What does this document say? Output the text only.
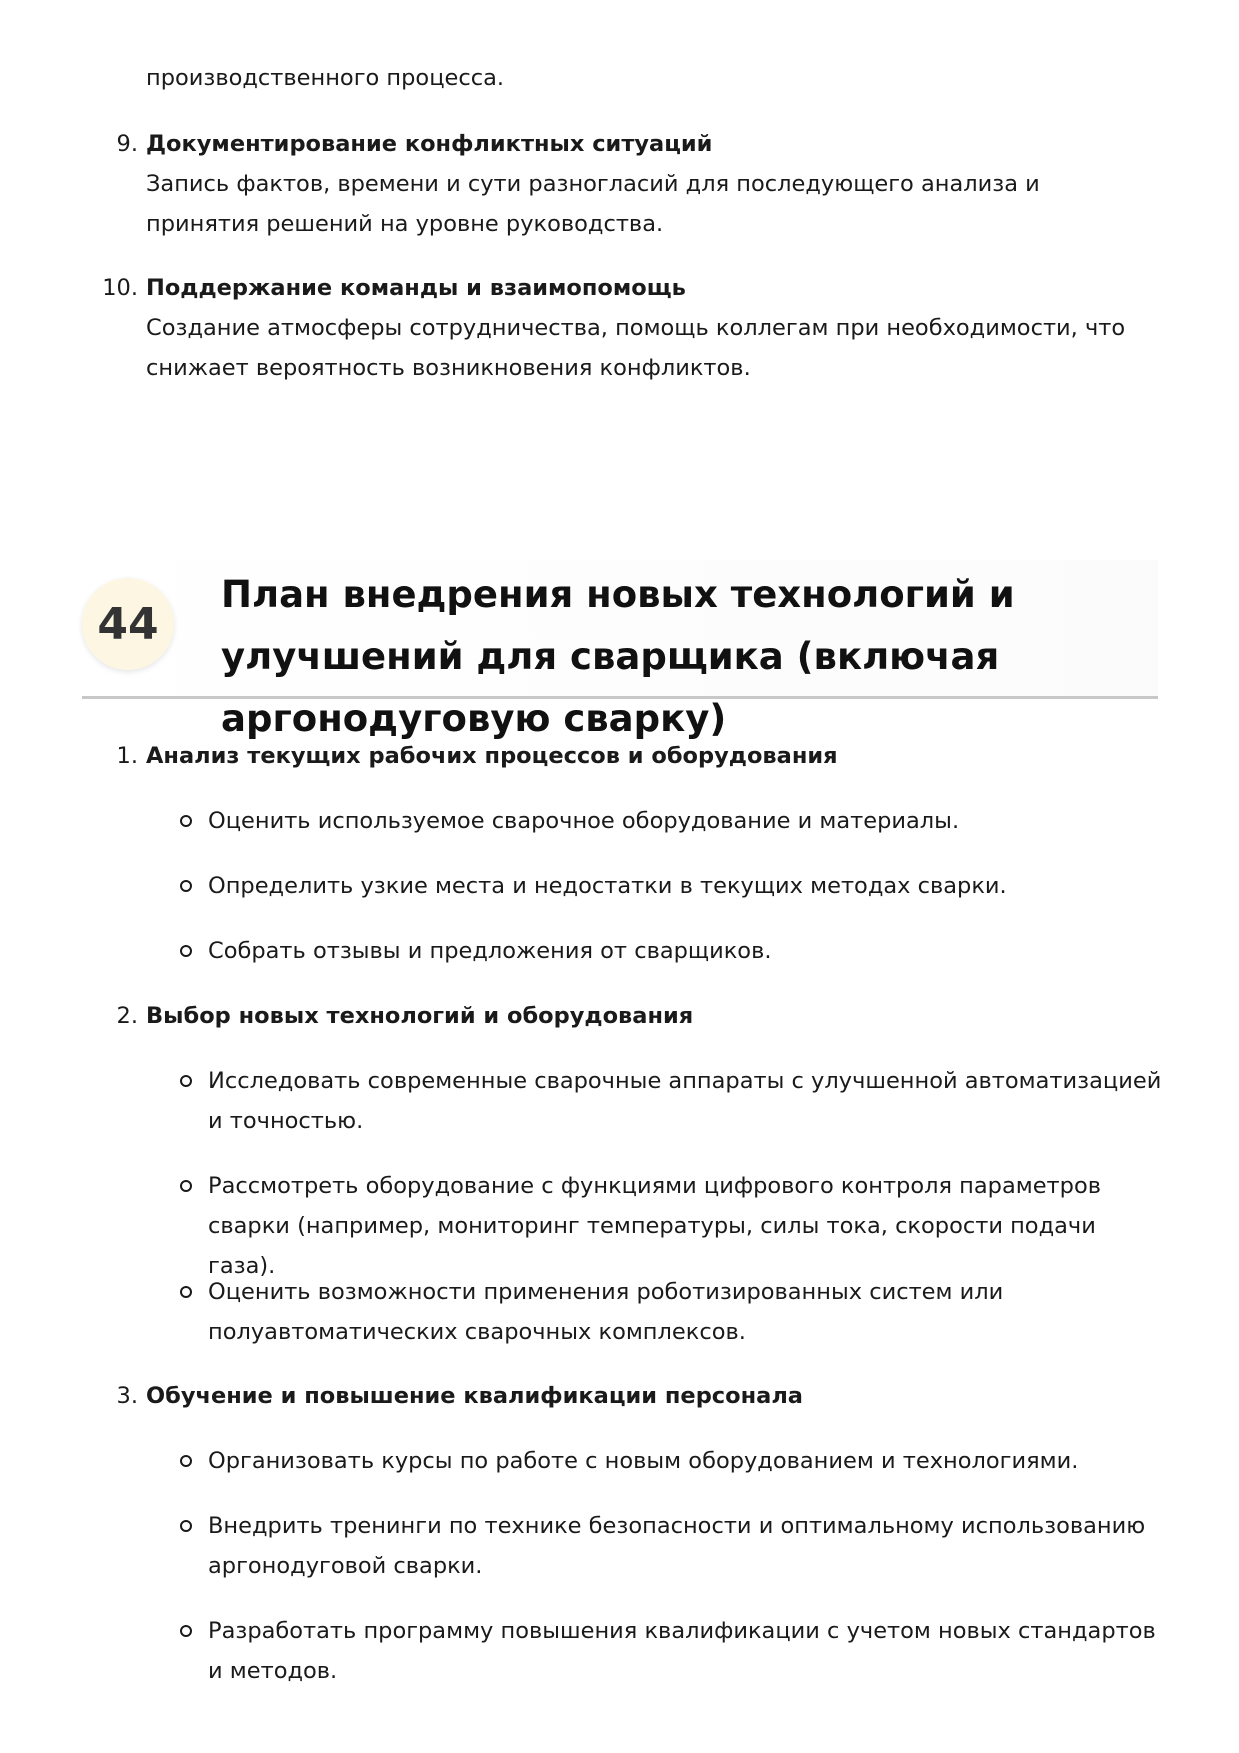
производственного процесса.

9. Документирование конфликтных ситуаций
Запись фактов, времени и сути разногласий для последующего анализа и принятия решений на уровне руководства.
10. Поддержание команды и взаимопомощь
Создание атмосферы сотрудничества, помощь коллегам при необходимости, что снижает вероятность возникновения конфликтов.
44
План внедрения новых технологий и улучшений для сварщика (включая аргонодуговую сварку)
1. Анализ текущих рабочих процессов и оборудования
Оценить используемое сварочное оборудование и материалы.
Определить узкие места и недостатки в текущих методах сварки.
Собрать отзывы и предложения от сварщиков.
2. Выбор новых технологий и оборудования
Исследовать современные сварочные аппараты с улучшенной автоматизацией и точностью.
Рассмотреть оборудование с функциями цифрового контроля параметров сварки (например, мониторинг температуры, силы тока, скорости подачи газа).
Оценить возможности применения роботизированных систем или полуавтоматических сварочных комплексов.
3. Обучение и повышение квалификации персонала
Организовать курсы по работе с новым оборудованием и технологиями.
Внедрить тренинги по технике безопасности и оптимальному использованию аргонодуговой сварки.
Разработать программу повышения квалификации с учетом новых стандартов и методов.
